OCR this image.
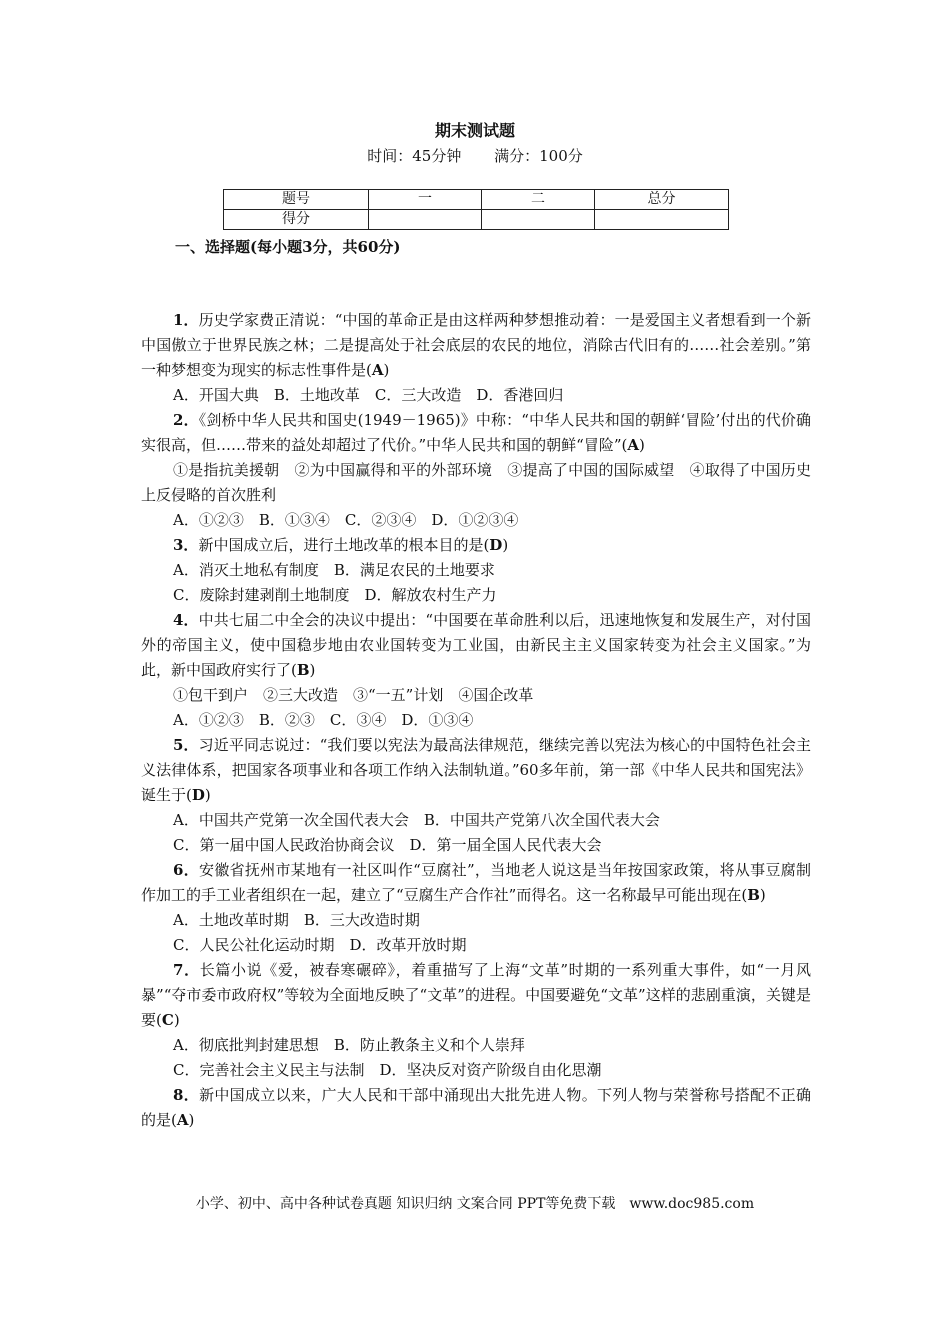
期末测试题
时间：45分钟 满分：100分
题号	一	二	总分
得分			
一、选择题(每小题3分，共60分)

1．历史学家费正清说：“中国的革命正是由这样两种梦想推动着：一是爱国主义者想看到一个新中国傲立于世界民族之林；二是提高处于社会底层的农民的地位，消除古代旧有的……社会差别。”第一种梦想变为现实的标志性事件是(A)

A．开国大典　B．土地改革　C．三大改造　D．香港回归

2．《剑桥中华人民共和国史(1949－1965)》中称：“中华人民共和国的朝鲜‘冒险’付出的代价确实很高，但……带来的益处却超过了代价。”中华人民共和国的朝鲜“冒险”(A)

①是指抗美援朝　②为中国赢得和平的外部环境　③提高了中国的国际威望　④取得了中国历史上反侵略的首次胜利

A．①②③　B．①③④　C．②③④　D．①②③④

3．新中国成立后，进行土地改革的根本目的是(D)

A．消灭土地私有制度　B．满足农民的土地要求

C．废除封建剥削土地制度　D．解放农村生产力

4．中共七届二中全会的决议中提出：“中国要在革命胜利以后，迅速地恢复和发展生产，对付国外的帝国主义，使中国稳步地由农业国转变为工业国，由新民主主义国家转变为社会主义国家。”为此，新中国政府实行了(B)

①包干到户　②三大改造　③“一五”计划　④国企改革

A．①②③　B．②③　C．③④　D．①③④

5．习近平同志说过：“我们要以宪法为最高法律规范，继续完善以宪法为核心的中国特色社会主义法律体系，把国家各项事业和各项工作纳入法制轨道。”60多年前，第一部《中华人民共和国宪法》诞生于(D)

A．中国共产党第一次全国代表大会　B．中国共产党第八次全国代表大会

C．第一届中国人民政治协商会议　D．第一届全国人民代表大会

6．安徽省抚州市某地有一社区叫作“豆腐社”，当地老人说这是当年按国家政策，将从事豆腐制作加工的手工业者组织在一起，建立了“豆腐生产合作社”而得名。这一名称最早可能出现在(B)

A．土地改革时期　B．三大改造时期

C．人民公社化运动时期　D．改革开放时期

7．长篇小说《爱，被春寒碾碎》，着重描写了上海“文革”时期的一系列重大事件，如“一月风暴”“夺市委市政府权”等较为全面地反映了“文革”的进程。中国要避免“文革”这样的悲剧重演，关键是要(C)

A．彻底批判封建思想　B．防止教条主义和个人崇拜

C．完善社会主义民主与法制　D．坚决反对资产阶级自由化思潮

8．新中国成立以来，广大人民和干部中涌现出大批先进人物。下列人物与荣誉称号搭配不正确的是(A)

小学、初中、高中各种试卷真题 知识归纳 文案合同 PPT等免费下载　www.doc985.com
